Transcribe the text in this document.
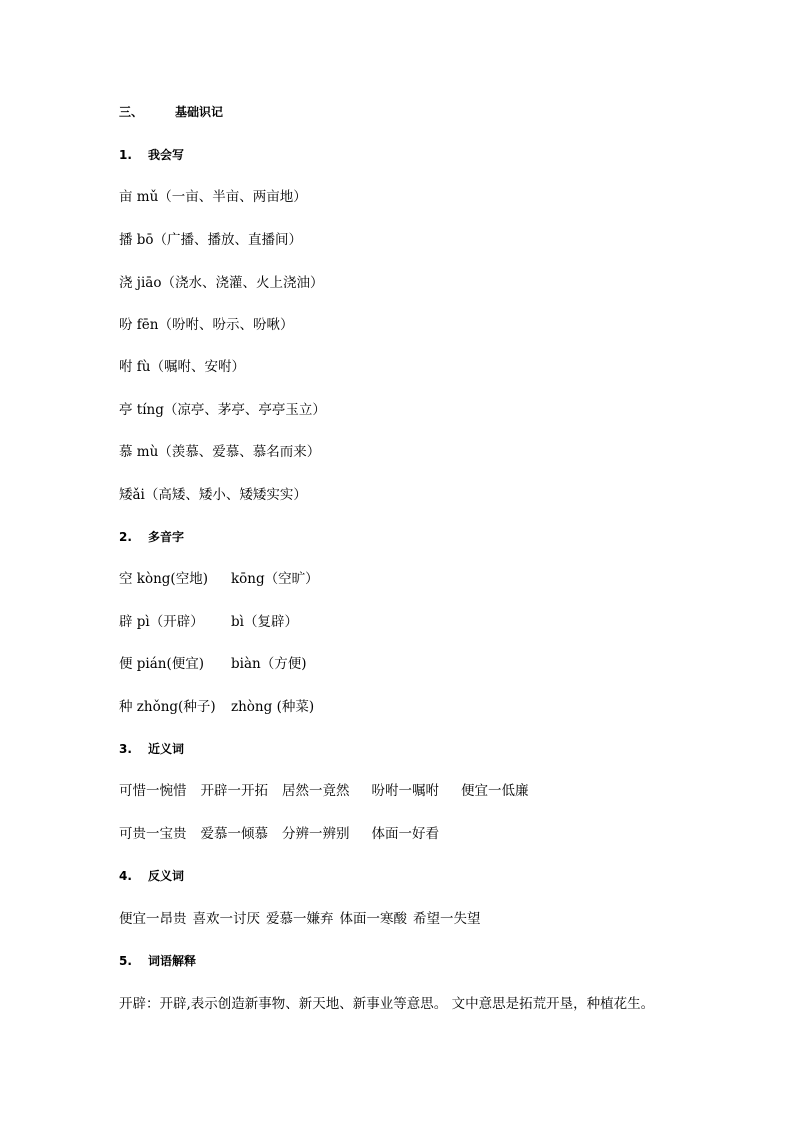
三、	基础识记
1. 我会写
亩 mǔ（一亩、半亩、两亩地）
播 bō（广播、播放、直播间）
浇 jiāo（浇水、浇灌、火上浇油）
吩 fēn（吩咐、吩示、吩啾）
咐 fù（嘱咐、安咐）
亭 tíng（凉亭、茅亭、亭亭玉立）
慕 mù（羡慕、爱慕、慕名而来）
矮ǎi（高矮、矮小、矮矮实实）
2. 多音字
空 kòng(空地) kōng（空旷）
辟 pì（开辟） bì（复辟）
便 pián(便宜) biàn（方便)
种 zhǒng(种子) zhòng (种菜)
3. 近义词
可惜一惋惜 开辟一开拓 居然一竟然 吩咐一嘱咐 便宜一低廉
可贵一宝贵 爱慕一倾慕 分辨一辨别 体面一好看
4. 反义词
便宜一昂贵 喜欢一讨厌 爱慕一嫌弃 体面一寒酸 希望一失望
5. 词语解释
开辟：开辟,表示创造新事物、新天地、新事业等意思。 文中意思是拓荒开垦，种植花生。
